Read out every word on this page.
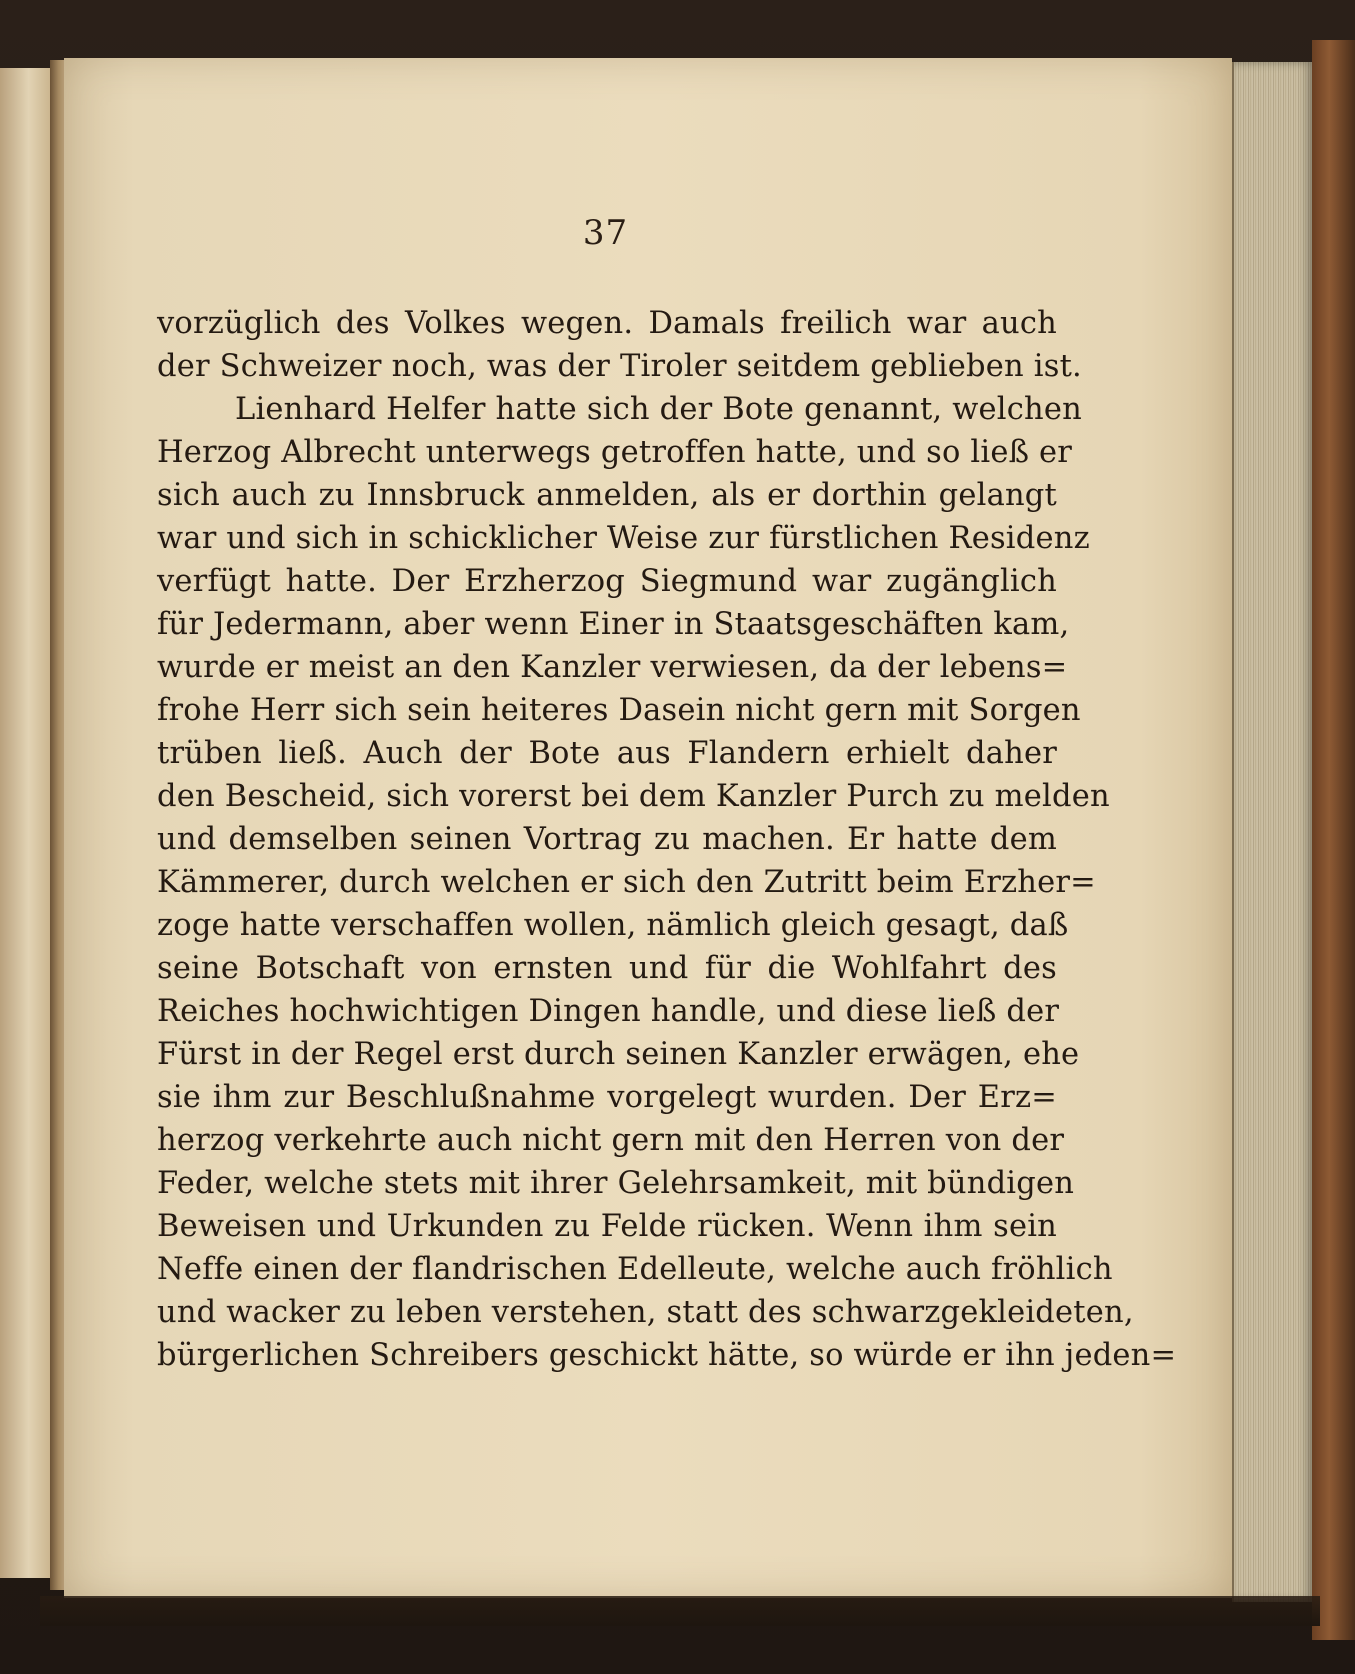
37
vorzüglich des Volkes wegen. Damals freilich war auch
der Schweizer noch, was der Tiroler seitdem geblieben ist.
Lienhard Helfer hatte sich der Bote genannt, welchen
Herzog Albrecht unterwegs getroffen hatte, und so ließ er
sich auch zu Innsbruck anmelden, als er dorthin gelangt
war und sich in schicklicher Weise zur fürstlichen Residenz
verfügt hatte. Der Erzherzog Siegmund war zugänglich
für Jedermann, aber wenn Einer in Staatsgeschäften kam,
wurde er meist an den Kanzler verwiesen, da der lebens=
frohe Herr sich sein heiteres Dasein nicht gern mit Sorgen
trüben ließ. Auch der Bote aus Flandern erhielt daher
den Bescheid, sich vorerst bei dem Kanzler Purch zu melden
und demselben seinen Vortrag zu machen. Er hatte dem
Kämmerer, durch welchen er sich den Zutritt beim Erzher=
zoge hatte verschaffen wollen, nämlich gleich gesagt, daß
seine Botschaft von ernsten und für die Wohlfahrt des
Reiches hochwichtigen Dingen handle, und diese ließ der
Fürst in der Regel erst durch seinen Kanzler erwägen, ehe
sie ihm zur Beschlußnahme vorgelegt wurden. Der Erz=
herzog verkehrte auch nicht gern mit den Herren von der
Feder, welche stets mit ihrer Gelehrsamkeit, mit bündigen
Beweisen und Urkunden zu Felde rücken. Wenn ihm sein
Neffe einen der flandrischen Edelleute, welche auch fröhlich
und wacker zu leben verstehen, statt des schwarzgekleideten,
bürgerlichen Schreibers geschickt hätte, so würde er ihn jeden=
